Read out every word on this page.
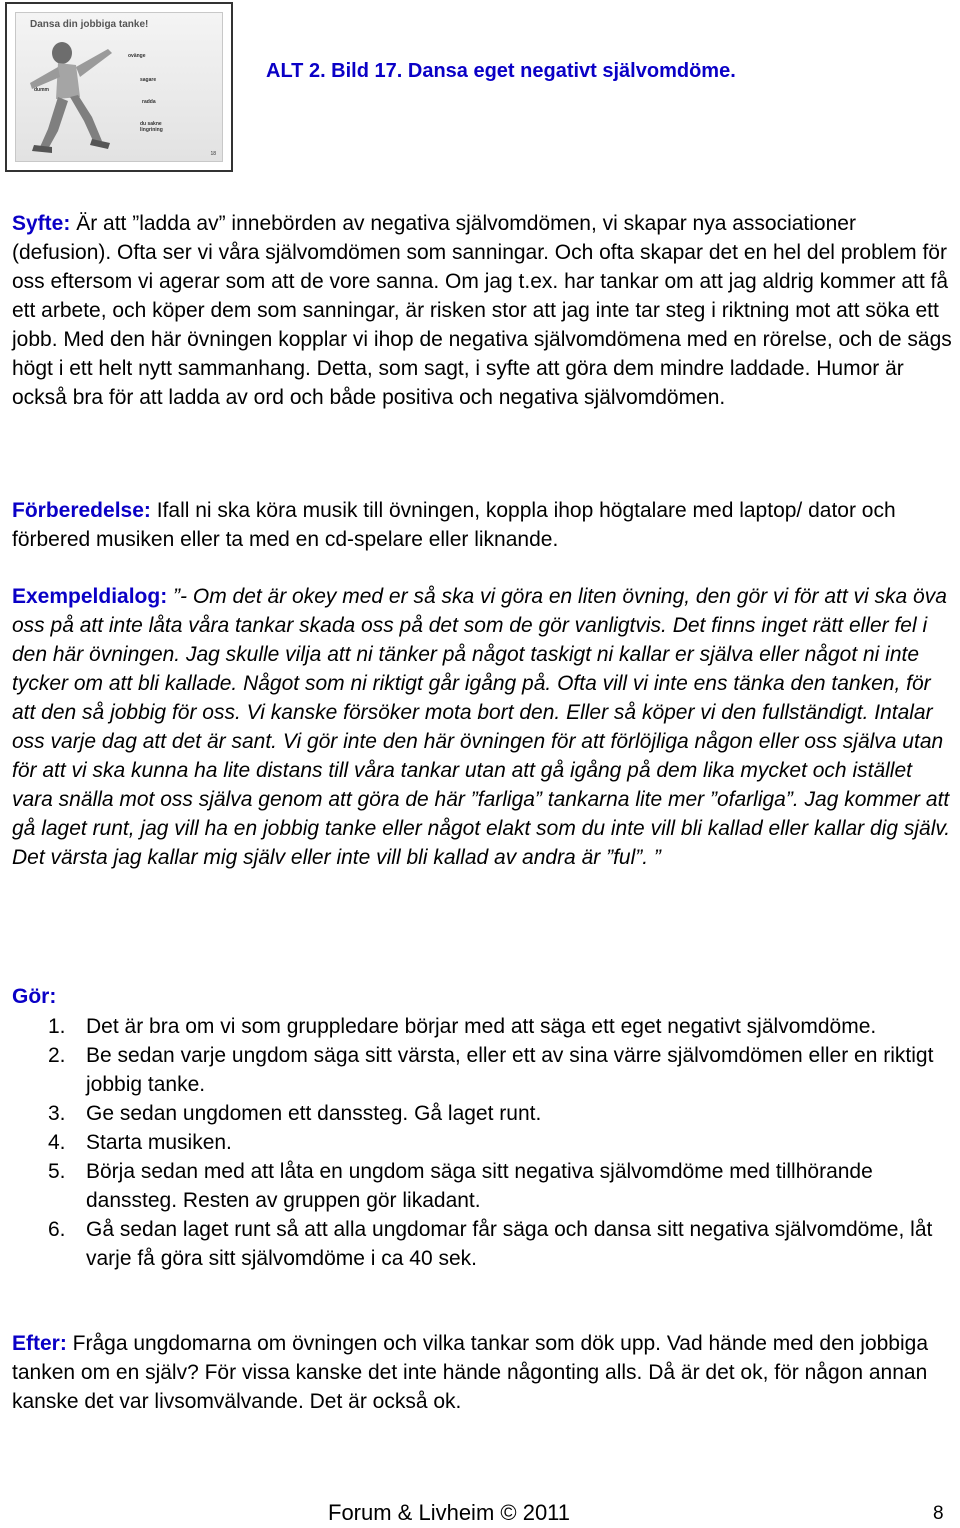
Dansa din jobbiga tanke!
ovänge
sagare
dumm
radda
du sakne lingrining
18
ALT 2. Bild 17. Dansa eget negativt självomdöme.
Syfte: Är att ”ladda av” innebörden av negativa självomdömen, vi skapar nya associationer (defusion). Ofta ser vi våra självomdömen som sanningar. Och ofta skapar det en hel del problem för oss eftersom vi agerar som att de vore sanna. Om jag t.ex. har tankar om att jag aldrig kommer att få ett arbete, och köper dem som sanningar, är risken stor att jag inte tar steg i riktning mot att söka ett jobb. Med den här övningen kopplar vi ihop de negativa självomdömena med en rörelse, och de sägs högt i ett helt nytt sammanhang. Detta, som sagt, i syfte att göra dem mindre laddade. Humor är också bra för att ladda av ord och både positiva och negativa självomdömen.
Förberedelse: Ifall ni ska köra musik till övningen, koppla ihop högtalare med laptop/ dator och förbered musiken eller ta med en cd-spelare eller liknande.
Exempeldialog: ”- Om det är okey med er så ska vi göra en liten övning, den gör vi för att vi ska öva oss på att inte låta våra tankar skada oss på det som de gör vanligtvis. Det finns inget rätt eller fel i den här övningen. Jag skulle vilja att ni tänker på något taskigt ni kallar er själva eller något ni inte tycker om att bli kallade. Något som ni riktigt går igång på. Ofta vill vi inte ens tänka den tanken, för att den så jobbig för oss. Vi kanske försöker mota bort den. Eller så köper vi den fullständigt. Intalar oss varje dag att det är sant. Vi gör inte den här övningen för att förlöjliga någon eller oss själva utan för att vi ska kunna ha lite distans till våra tankar utan att gå igång på dem lika mycket och istället vara snälla mot oss själva genom att göra de här ”farliga” tankarna lite mer ”ofarliga”. Jag kommer att gå laget runt, jag vill ha en jobbig tanke eller något elakt som du inte vill bli kallad eller kallar dig själv. Det värsta jag kallar mig själv eller inte vill bli kallad av andra är ”ful”. ”
Gör:
1. Det är bra om vi som gruppledare börjar med att säga ett eget negativt självomdöme.
2. Be sedan varje ungdom säga sitt värsta, eller ett av sina värre självomdömen eller en riktigt jobbig tanke.
3. Ge sedan ungdomen ett danssteg. Gå laget runt.
4. Starta musiken.
5. Börja sedan med att låta en ungdom säga sitt negativa självomdöme med tillhörande danssteg. Resten av gruppen gör likadant.
6. Gå sedan laget runt så att alla ungdomar får säga och dansa sitt negativa självomdöme, låt varje få göra sitt självomdöme i ca 40 sek.
Efter: Fråga ungdomarna om övningen och vilka tankar som dök upp. Vad hände med den jobbiga tanken om en själv? För vissa kanske det inte hände någonting alls. Då är det ok, för någon annan kanske det var livsomvälvande. Det är också ok.
Forum & Livheim © 2011	8
